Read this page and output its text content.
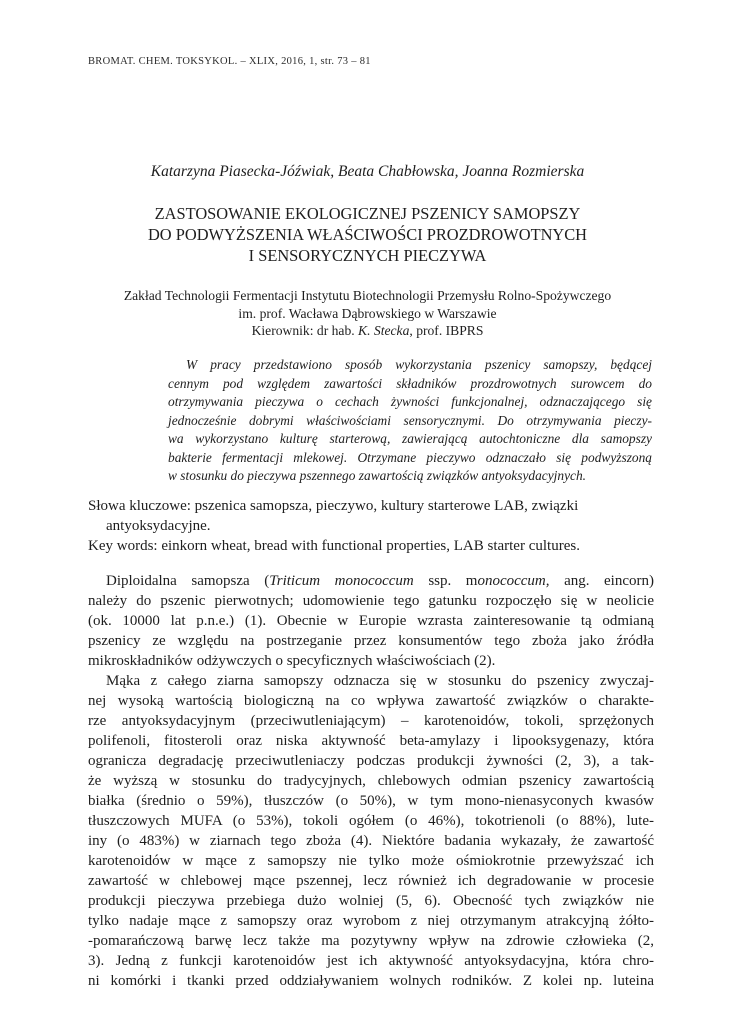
BROMAT. CHEM. TOKSYKOL. – XLIX, 2016, 1, str. 73 – 81
Katarzyna Piasecka-Jóźwiak, Beata Chabłowska, Joanna Rozmierska
ZASTOSOWANIE EKOLOGICZNEJ PSZENICY SAMOPSZY
DO PODWYŻSZENIA WŁAŚCIWOŚCI PROZDROWOTNYCH
I SENSORYCZNYCH PIECZYWA
Zakład Technologii Fermentacji Instytutu Biotechnologii Przemysłu Rolno-Spożywczego
im. prof. Wacława Dąbrowskiego w Warszawie
Kierownik: dr hab. K. Stecka, prof. IBPRS
W pracy przedstawiono sposób wykorzystania pszenicy samopszy, będącej
cennym pod względem zawartości składników prozdrowotnych surowcem do
otrzymywania pieczywa o cechach żywności funkcjonalnej, odznaczającego się
jednocześnie dobrymi właściwościami sensorycznymi. Do otrzymywania pieczy-
wa wykorzystano kulturę starterową, zawierającą autochtoniczne dla samopszy
bakterie fermentacji mlekowej. Otrzymane pieczywo odznaczało się podwyższoną
w stosunku do pieczywa pszennego zawartością związków antyoksydacyjnych.
Słowa kluczowe: pszenica samopsza, pieczywo, kultury starterowe LAB, związki
antyoksydacyjne.
Key words: einkorn wheat, bread with functional properties, LAB starter cultures.
Diploidalna samopsza (Triticum monococcum ssp. monococcum, ang. eincorn)
należy do pszenic pierwotnych; udomowienie tego gatunku rozpoczęło się w neolicie
(ok. 10000 lat p.n.e.) (1). Obecnie w Europie wzrasta zainteresowanie tą odmianą
pszenicy ze względu na postrzeganie przez konsumentów tego zboża jako źródła
mikroskładników odżywczych o specyficznych właściwościach (2).
Mąka z całego ziarna samopszy odznacza się w stosunku do pszenicy zwyczaj-
nej wysoką wartością biologiczną na co wpływa zawartość związków o charakte-
rze antyoksydacyjnym (przeciwutleniającym) – karotenoidów, tokoli, sprzężonych
polifenoli, fitosteroli oraz niska aktywność beta-amylazy i lipooksygenazy, która
ogranicza degradację przeciwutleniaczy podczas produkcji żywności (2, 3), a tak-
że wyższą w stosunku do tradycyjnych, chlebowych odmian pszenicy zawartością
białka (średnio o 59%), tłuszczów (o 50%), w tym mono-nienasyconych kwasów
tłuszczowych MUFA (o 53%), tokoli ogółem (o 46%), tokotrienoli (o 88%), lute-
iny (o 483%) w ziarnach tego zboża (4). Niektóre badania wykazały, że zawartość
karotenoidów w mące z samopszy nie tylko może ośmiokrotnie przewyższać ich
zawartość w chlebowej mące pszennej, lecz również ich degradowanie w procesie
produkcji pieczywa przebiega dużo wolniej (5, 6). Obecność tych związków nie
tylko nadaje mące z samopszy oraz wyrobom z niej otrzymanym atrakcyjną żółto-
-pomarańczową barwę lecz także ma pozytywny wpływ na zdrowie człowieka (2,
3). Jedną z funkcji karotenoidów jest ich aktywność antyoksydacyjna, która chro-
ni komórki i tkanki przed oddziaływaniem wolnych rodników. Z kolei np. luteina
